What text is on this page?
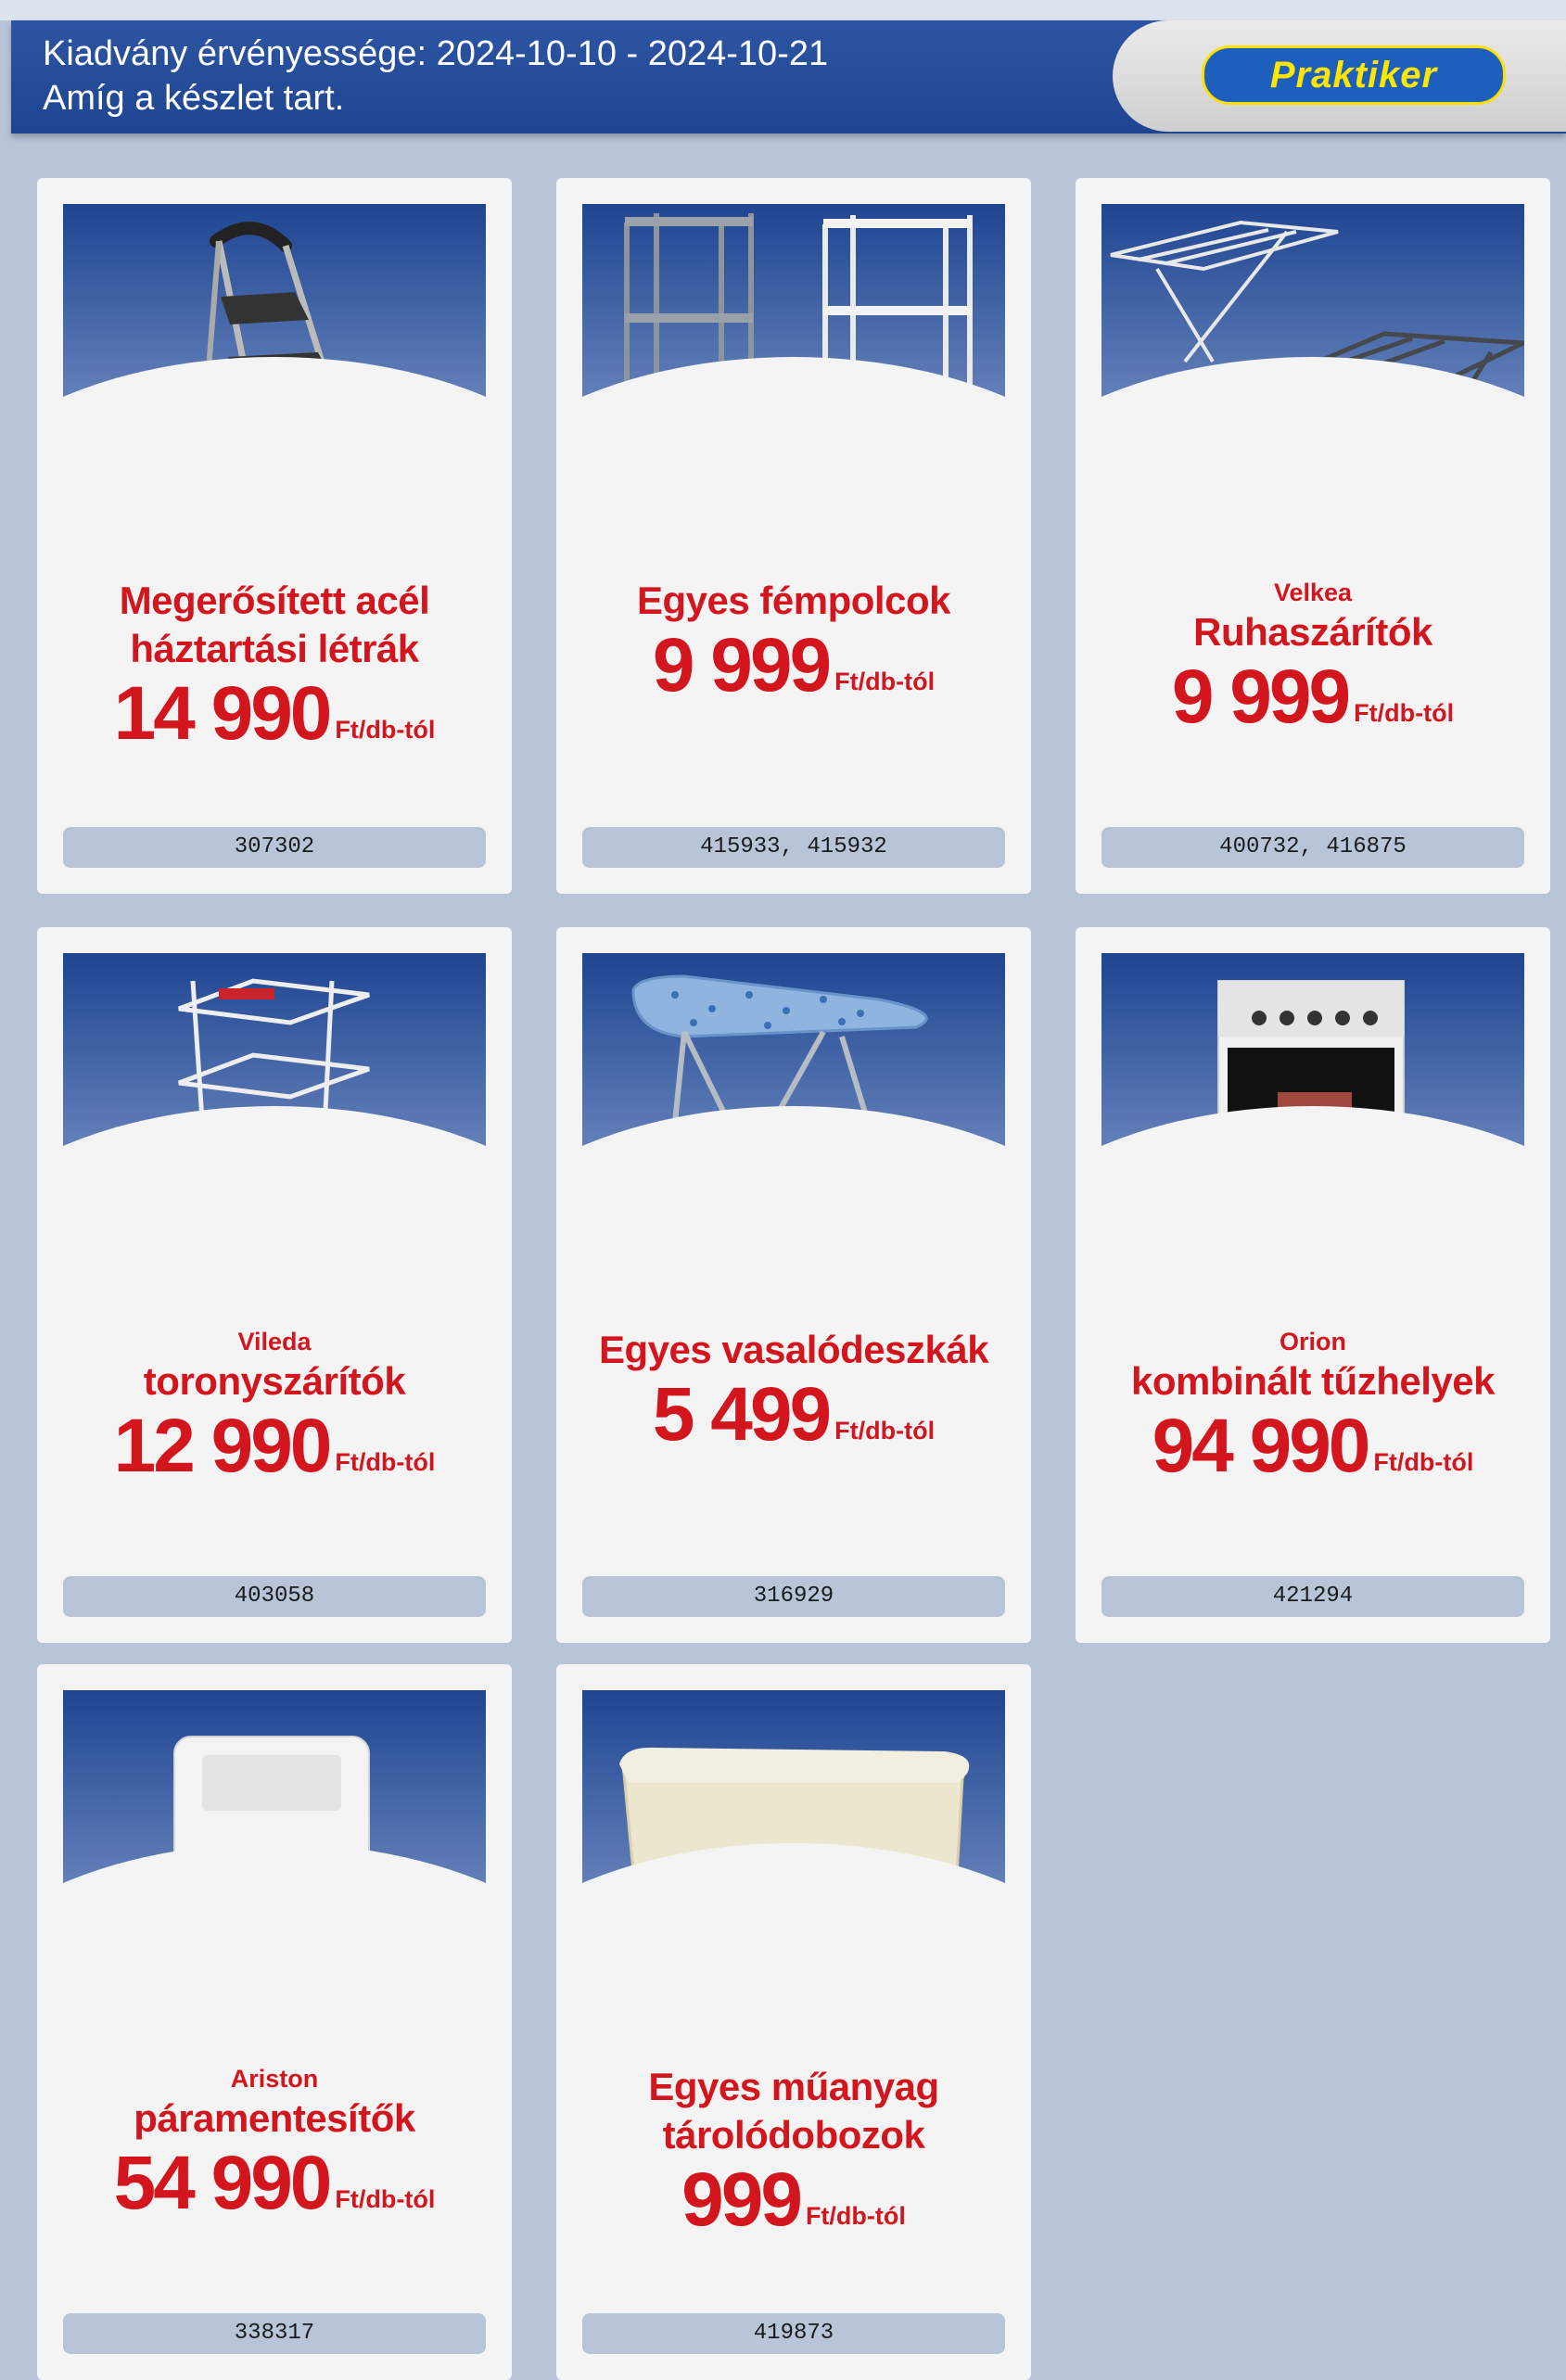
Kiadvány érvényessége: 2024-10-10 - 2024-10-21
Amíg a készlet tart.
Praktiker
Megerősített acél háztartási létrák
14 990 Ft/db-tól
307302
Egyes fémpolcok
9 999 Ft/db-tól
415933, 415932
Velkea
Ruhaszárítók
9 999 Ft/db-tól
400732, 416875
Vileda
toronyszárítók
12 990 Ft/db-tól
403058
Egyes vasalódeszkák
5 499 Ft/db-tól
316929
Orion
kombinált tűzhelyek
94 990 Ft/db-tól
421294
Ariston
páramentesítők
54 990 Ft/db-tól
338317
Egyes műanyag tárolódobozok
999 Ft/db-tól
419873
